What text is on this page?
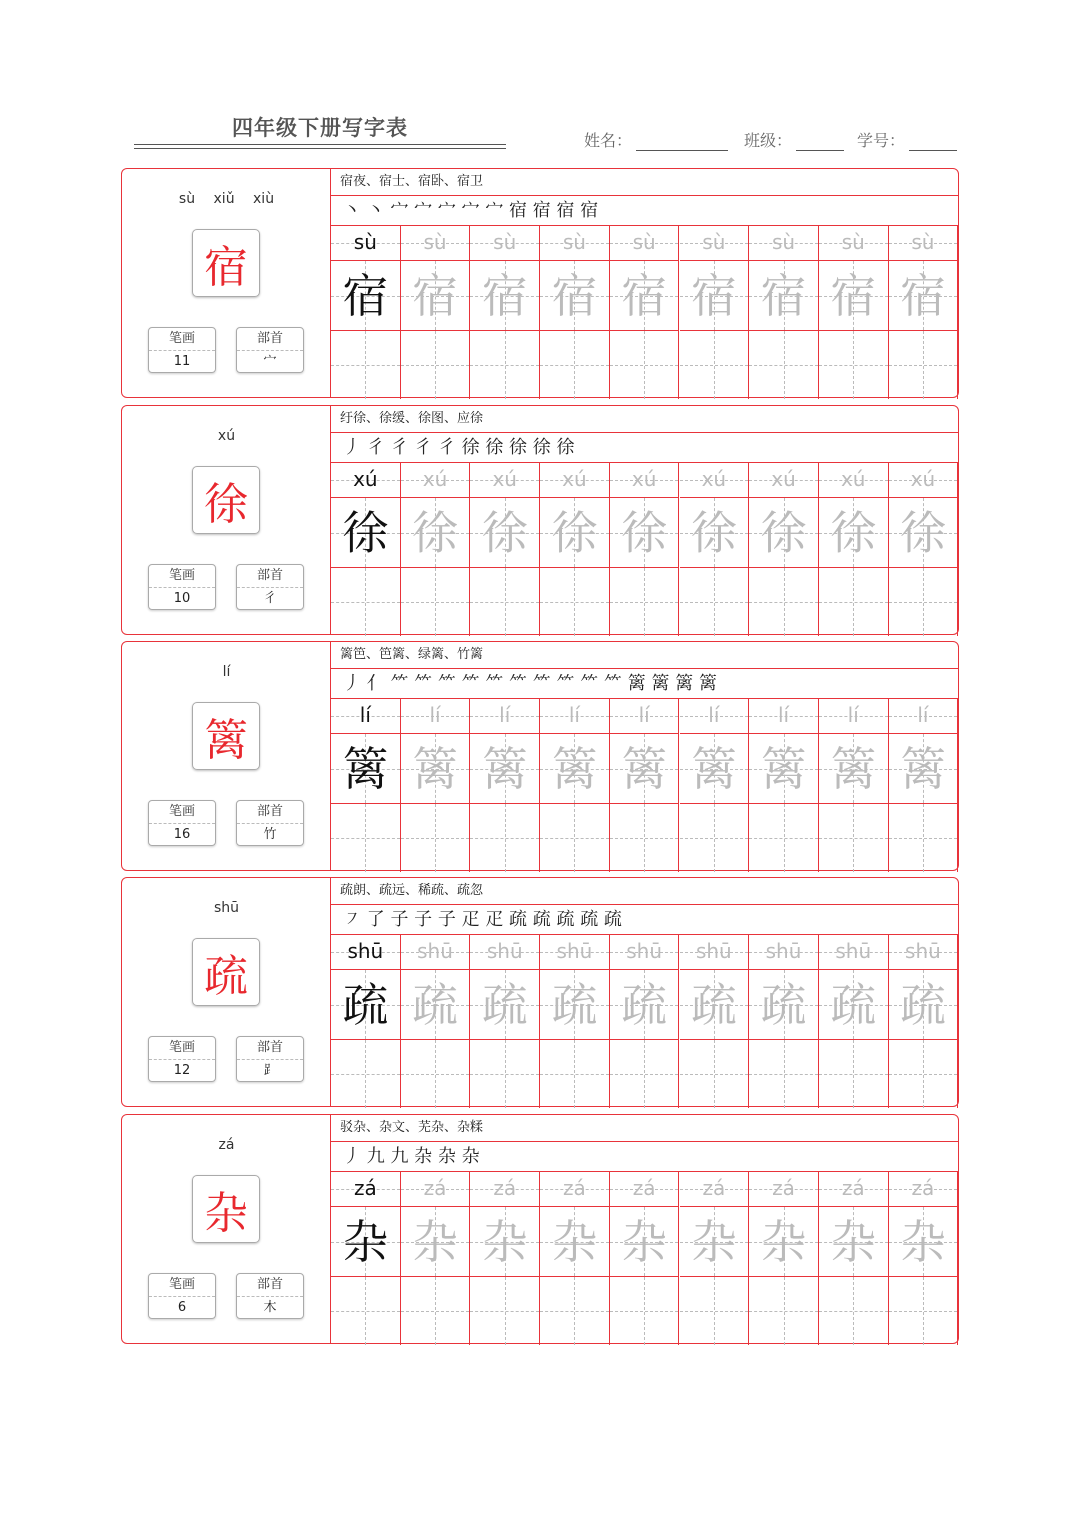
四年级下册写字表
姓名：	班级：	学号：
sù xiǔ xiù
宿
笔画
11
部首
宀
宿夜、宿士、宿卧、宿卫
丶 丶 宀 宀 宀 宀 宀 宿 宿 宿 宿
sù
宿
sù
宿
sù
宿
sù
宿
sù
宿
sù
宿
sù
宿
sù
宿
sù
宿
xú
徐
笔画
10
部首
彳
纡徐、徐缓、徐图、应徐
丿 彳 彳 彳 彳 徐 徐 徐 徐 徐
xú
徐
xú
徐
xú
徐
xú
徐
xú
徐
xú
徐
xú
徐
xú
徐
xú
徐
lí
篱
笔画
16
部首
竹
篱笆、笆篱、绿篱、竹篱
丿 亻 ⺮ ⺮ ⺮ ⺮ ⺮ ⺮ ⺮ ⺮ ⺮ ⺮ 篱 篱 篱 篱
lí
篱
lí
篱
lí
篱
lí
篱
lí
篱
lí
篱
lí
篱
lí
篱
lí
篱
shū
疏
笔画
12
部首
⻊
疏朗、疏远、稀疏、疏忽
㇇ 了 子 子 子 疋 疋 疏 疏 疏 疏 疏
shū
疏
shū
疏
shū
疏
shū
疏
shū
疏
shū
疏
shū
疏
shū
疏
shū
疏
zá
杂
笔画
6
部首
木
驳杂、杂文、芜杂、杂糅
丿 九 九 杂 杂 杂
zá
杂
zá
杂
zá
杂
zá
杂
zá
杂
zá
杂
zá
杂
zá
杂
zá
杂
